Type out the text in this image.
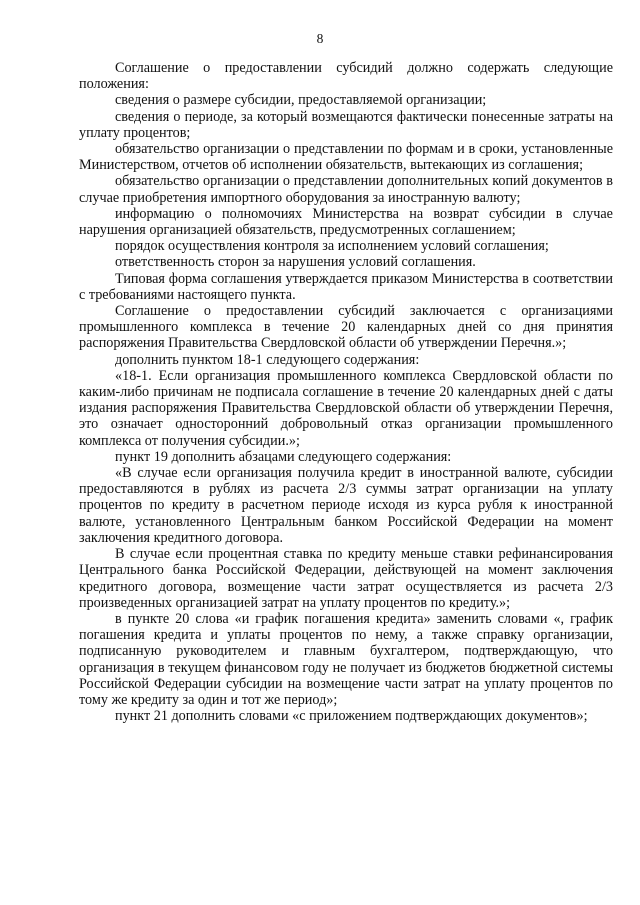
8

Соглашение о предоставлении субсидий должно содержать следующие положения:

сведения о размере субсидии, предоставляемой организации;

сведения о периоде, за который возмещаются фактически понесенные затраты на уплату процентов;

обязательство организации о представлении по формам и в сроки, установленные Министерством, отчетов об исполнении обязательств, вытекающих из соглашения;

обязательство организации о представлении дополнительных копий документов в случае приобретения импортного оборудования за иностранную валюту;

информацию о полномочиях Министерства на возврат субсидии в случае нарушения организацией обязательств, предусмотренных соглашением;

порядок осуществления контроля за исполнением условий соглашения;

ответственность сторон за нарушения условий соглашения.

Типовая форма соглашения утверждается приказом Министерства в соответствии с требованиями настоящего пункта.

Соглашение о предоставлении субсидий заключается с организациями промышленного комплекса в течение 20 календарных дней со дня принятия распоряжения Правительства Свердловской области об утверждении Перечня.»;

дополнить пунктом 18-1 следующего содержания:

«18-1. Если организация промышленного комплекса Свердловской области по каким-либо причинам не подписала соглашение в течение 20 календарных дней с даты издания распоряжения Правительства Свердловской области об утверждении Перечня, это означает односторонний добровольный отказ организации промышленного комплекса от получения субсидии.»;

пункт 19 дополнить абзацами следующего содержания:

«В случае если организация получила кредит в иностранной валюте, субсидии предоставляются в рублях из расчета 2/3 суммы затрат организации на уплату процентов по кредиту в расчетном периоде исходя из курса рубля к иностранной валюте, установленного Центральным банком Российской Федерации на момент заключения кредитного договора.

В случае если процентная ставка по кредиту меньше ставки рефинансирования Центрального банка Российской Федерации, действующей на момент заключения кредитного договора, возмещение части затрат осуществляется из расчета 2/3 произведенных организацией затрат на уплату процентов по кредиту.»;

в пункте 20 слова «и график погашения кредита» заменить словами «, график погашения кредита и уплаты процентов по нему, а также справку организации, подписанную руководителем и главным бухгалтером, подтверждающую, что организация в текущем финансовом году не получает из бюджетов бюджетной системы Российской Федерации субсидии на возмещение части затрат на уплату процентов по тому же кредиту за один и тот же период»;

пункт 21 дополнить словами «с приложением подтверждающих документов»;
